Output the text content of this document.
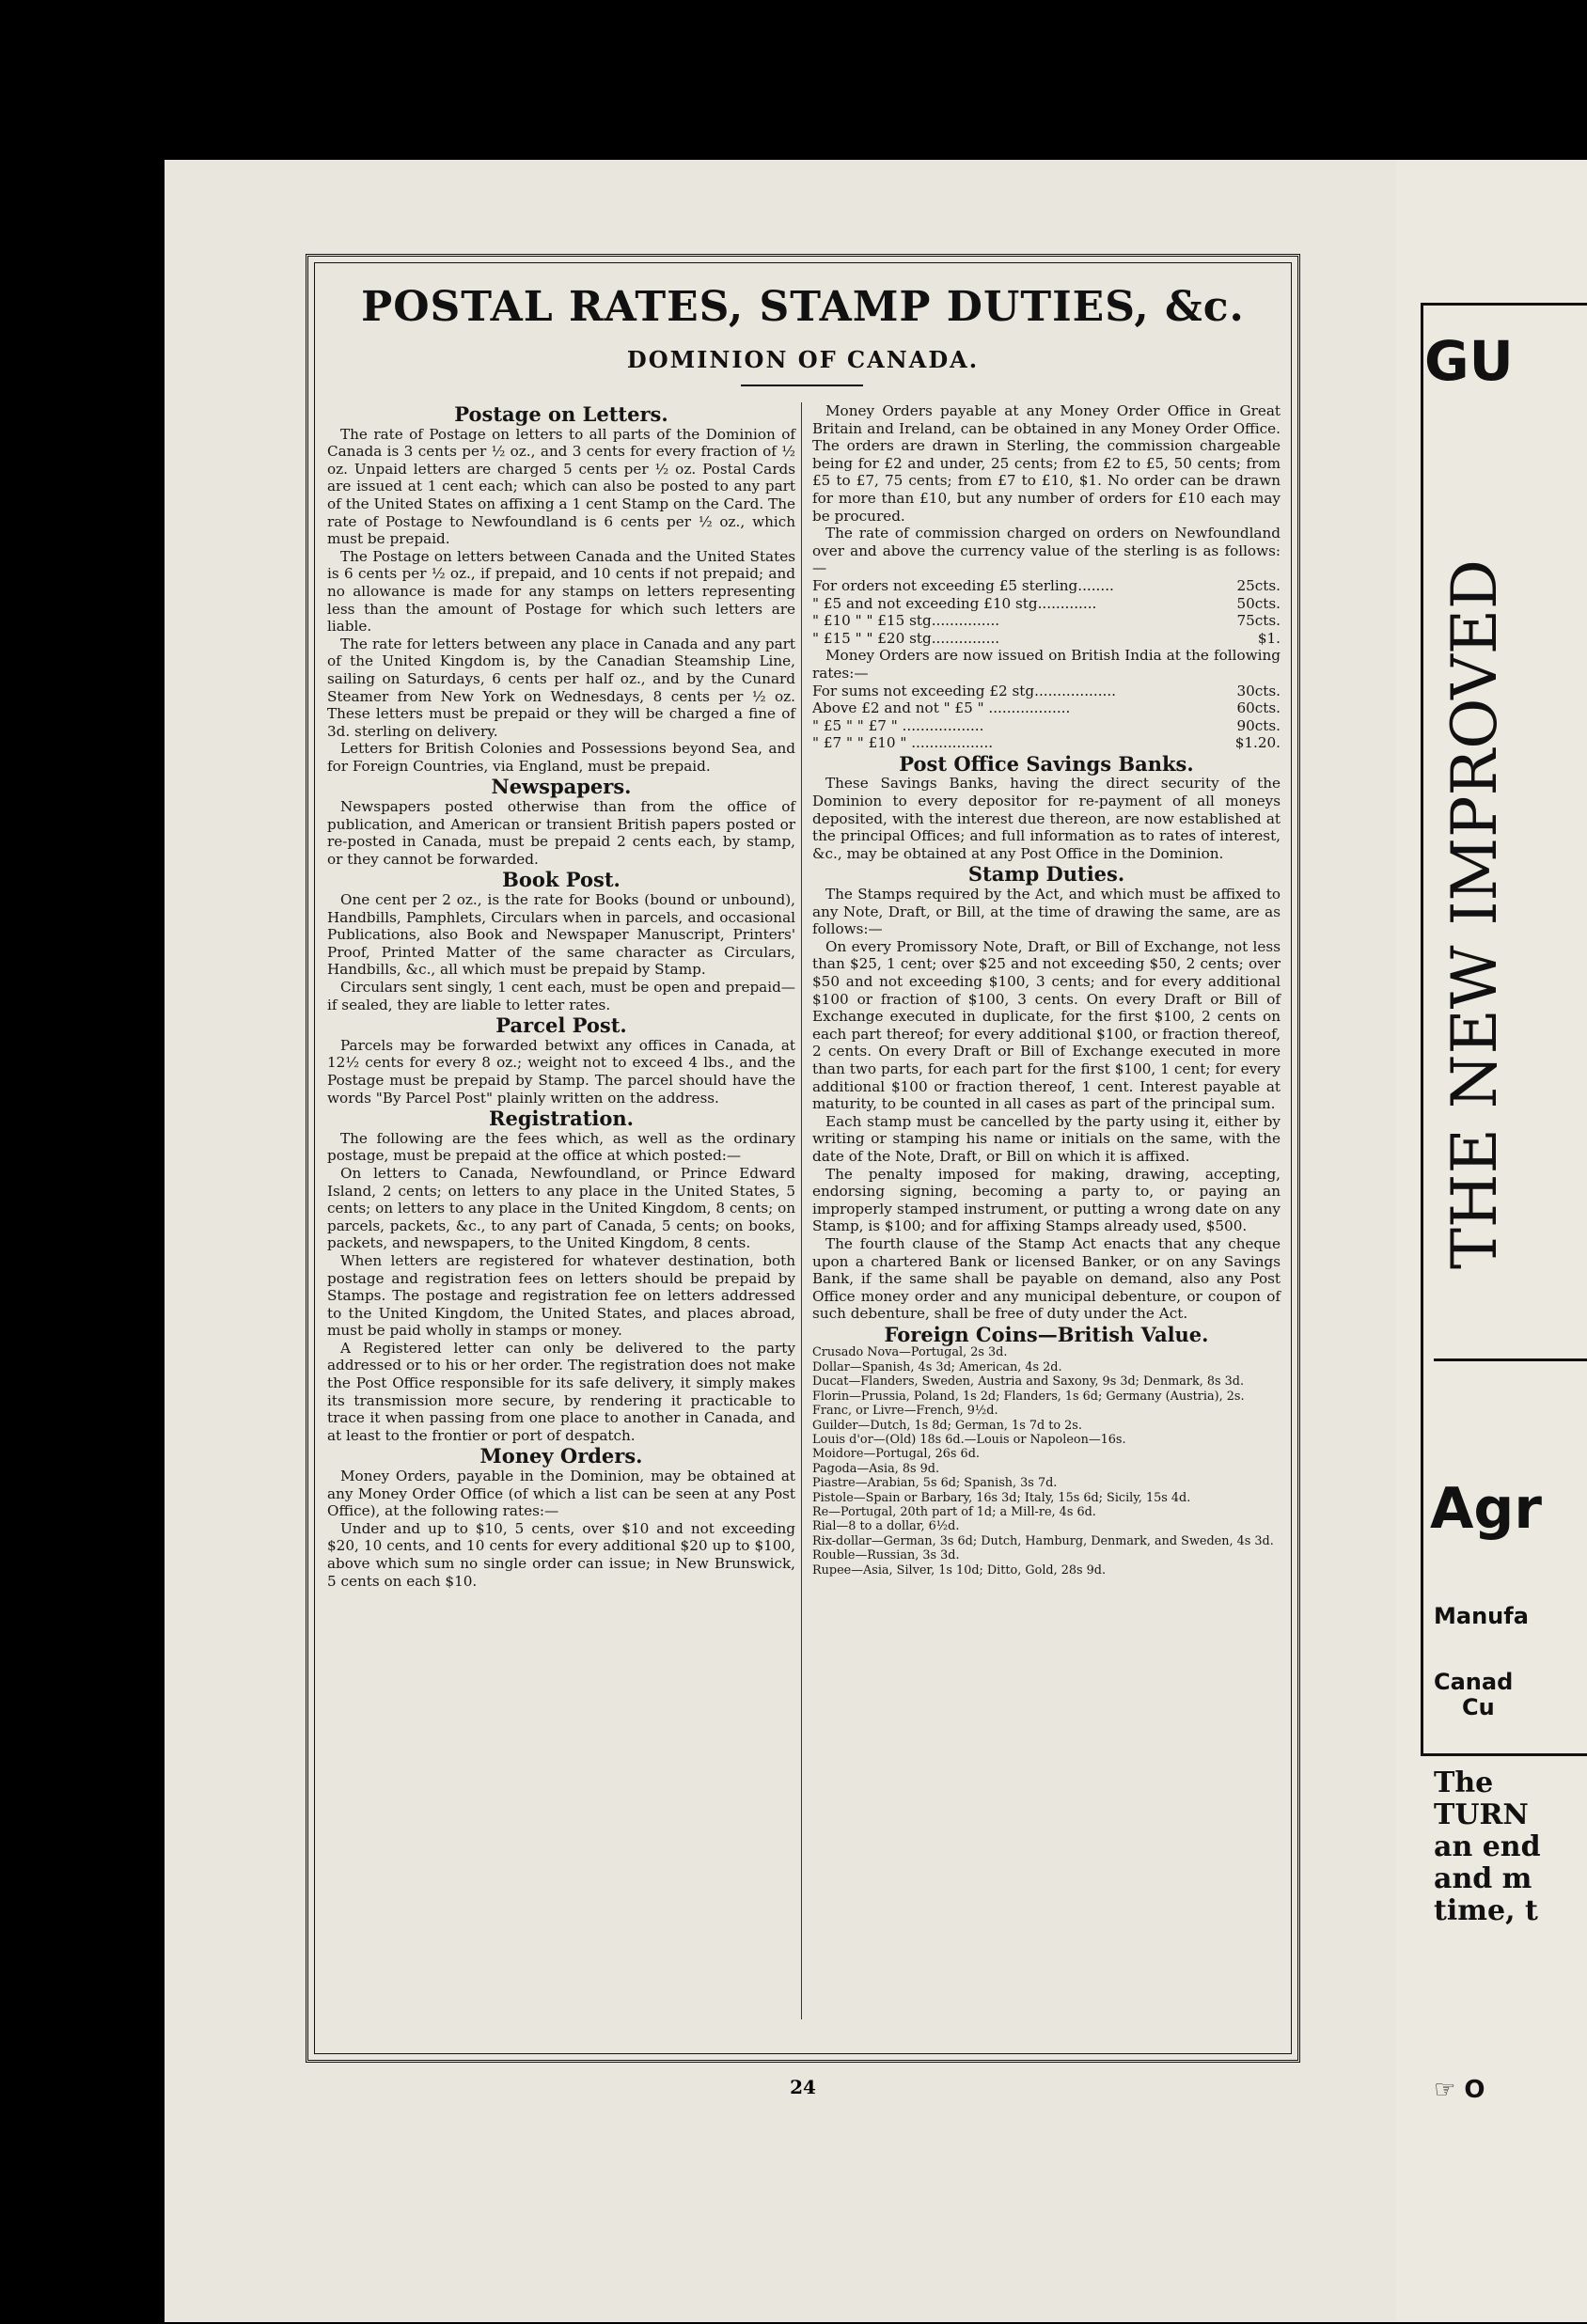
POSTAL RATES, STAMP DUTIES, &c.
DOMINION OF CANADA.
Postage on Letters.

The rate of Postage on letters to all parts of the Dominion of Canada is 3 cents per ½ oz., and 3 cents for every fraction of ½ oz. Unpaid letters are charged 5 cents per ½ oz. Postal Cards are issued at 1 cent each; which can also be posted to any part of the United States on affixing a 1 cent Stamp on the Card. The rate of Postage to Newfoundland is 6 cents per ½ oz., which must be prepaid.

The Postage on letters between Canada and the United States is 6 cents per ½ oz., if prepaid, and 10 cents if not prepaid; and no allowance is made for any stamps on letters representing less than the amount of Postage for which such letters are liable.

The rate for letters between any place in Canada and any part of the United Kingdom is, by the Canadian Steamship Line, sailing on Saturdays, 6 cents per half oz., and by the Cunard Steamer from New York on Wednesdays, 8 cents per ½ oz. These letters must be prepaid or they will be charged a fine of 3d. sterling on delivery.

Letters for British Colonies and Possessions beyond Sea, and for Foreign Countries, via England, must be prepaid.

Newspapers.

Newspapers posted otherwise than from the office of publication, and American or transient British papers posted or re-posted in Canada, must be prepaid 2 cents each, by stamp, or they cannot be forwarded.

Book Post.

One cent per 2 oz., is the rate for Books (bound or unbound), Handbills, Pamphlets, Circulars when in parcels, and occasional Publications, also Book and Newspaper Manuscript, Printers' Proof, Printed Matter of the same character as Circulars, Handbills, &c., all which must be prepaid by Stamp.

Circulars sent singly, 1 cent each, must be open and prepaid—if sealed, they are liable to letter rates.

Parcel Post.

Parcels may be forwarded betwixt any offices in Canada, at 12½ cents for every 8 oz.; weight not to exceed 4 lbs., and the Postage must be prepaid by Stamp. The parcel should have the words "By Parcel Post" plainly written on the address.

Registration.

The following are the fees which, as well as the ordinary postage, must be prepaid at the office at which posted:—

On letters to Canada, Newfoundland, or Prince Edward Island, 2 cents; on letters to any place in the United States, 5 cents; on letters to any place in the United Kingdom, 8 cents; on parcels, packets, &c., to any part of Canada, 5 cents; on books, packets, and newspapers, to the United Kingdom, 8 cents.

When letters are registered for whatever destination, both postage and registration fees on letters should be prepaid by Stamps. The postage and registration fee on letters addressed to the United Kingdom, the United States, and places abroad, must be paid wholly in stamps or money.

A Registered letter can only be delivered to the party addressed or to his or her order. The registration does not make the Post Office responsible for its safe delivery, it simply makes its transmission more secure, by rendering it practicable to trace it when passing from one place to another in Canada, and at least to the frontier or port of despatch.

Money Orders.

Money Orders, payable in the Dominion, may be obtained at any Money Order Office (of which a list can be seen at any Post Office), at the following rates:—

Under and up to $10, 5 cents, over $10 and not exceeding $20, 10 cents, and 10 cents for every additional $20 up to $100, above which sum no single order can issue; in New Brunswick, 5 cents on each $10.

Money Orders payable at any Money Order Office in Great Britain and Ireland, can be obtained in any Money Order Office. The orders are drawn in Sterling, the commission chargeable being for £2 and under, 25 cents; from £2 to £5, 50 cents; from £5 to £7, 75 cents; from £7 to £10, $1. No order can be drawn for more than £10, but any number of orders for £10 each may be procured.

The rate of commission charged on orders on Newfoundland over and above the currency value of the sterling is as follows:—

For orders not exceeding £5 sterling........	25cts.
" £5 and not exceeding £10 stg.............	50cts.
" £10 " " £15 stg...............	75cts.
" £15 " " £20 stg...............	$1.

Money Orders are now issued on British India at the following rates:—

For sums not exceeding £2 stg..................	30cts.
Above £2 and not " £5 " ..................	60cts.
" £5 " " £7 " ..................	90cts.
" £7 " " £10 " ..................	$1.20.
Post Office Savings Banks.

These Savings Banks, having the direct security of the Dominion to every depositor for re-payment of all moneys deposited, with the interest due thereon, are now established at the principal Offices; and full information as to rates of interest, &c., may be obtained at any Post Office in the Dominion.

Stamp Duties.

The Stamps required by the Act, and which must be affixed to any Note, Draft, or Bill, at the time of drawing the same, are as follows:—

On every Promissory Note, Draft, or Bill of Exchange, not less than $25, 1 cent; over $25 and not exceeding $50, 2 cents; over $50 and not exceeding $100, 3 cents; and for every additional $100 or fraction of $100, 3 cents. On every Draft or Bill of Exchange executed in duplicate, for the first $100, 2 cents on each part thereof; for every additional $100, or fraction thereof, 2 cents. On every Draft or Bill of Exchange executed in more than two parts, for each part for the first $100, 1 cent; for every additional $100 or fraction thereof, 1 cent. Interest payable at maturity, to be counted in all cases as part of the principal sum.

Each stamp must be cancelled by the party using it, either by writing or stamping his name or initials on the same, with the date of the Note, Draft, or Bill on which it is affixed.

The penalty imposed for making, drawing, accepting, endorsing signing, becoming a party to, or paying an improperly stamped instrument, or putting a wrong date on any Stamp, is $100; and for affixing Stamps already used, $500.

The fourth clause of the Stamp Act enacts that any cheque upon a chartered Bank or licensed Banker, or on any Savings Bank, if the same shall be payable on demand, also any Post Office money order and any municipal debenture, or coupon of such debenture, shall be free of duty under the Act.

Foreign Coins—British Value.

Crusado Nova—Portugal, 2s 3d.

Dollar—Spanish, 4s 3d; American, 4s 2d.

Ducat—Flanders, Sweden, Austria and Saxony, 9s 3d; Denmark, 8s 3d.

Florin—Prussia, Poland, 1s 2d; Flanders, 1s 6d; Germany (Austria), 2s.

Franc, or Livre—French, 9½d.

Guilder—Dutch, 1s 8d; German, 1s 7d to 2s.

Louis d'or—(Old) 18s 6d.—Louis or Napoleon—16s.

Moidore—Portugal, 26s 6d.

Pagoda—Asia, 8s 9d.

Piastre—Arabian, 5s 6d; Spanish, 3s 7d.

Pistole—Spain or Barbary, 16s 3d; Italy, 15s 6d; Sicily, 15s 4d.

Re—Portugal, 20th part of 1d; a Mill-re, 4s 6d.

Rial—8 to a dollar, 6½d.

Rix-dollar—German, 3s 6d; Dutch, Hamburg, Denmark, and Sweden, 4s 3d.

Rouble—Russian, 3s 3d.

Rupee—Asia, Silver, 1s 10d; Ditto, Gold, 28s 9d.

24
GU
THE NEW IMPROVED
Agr
Manufa
Canad
Cu
The
TURN
an end
and m
time, t
☞ O
